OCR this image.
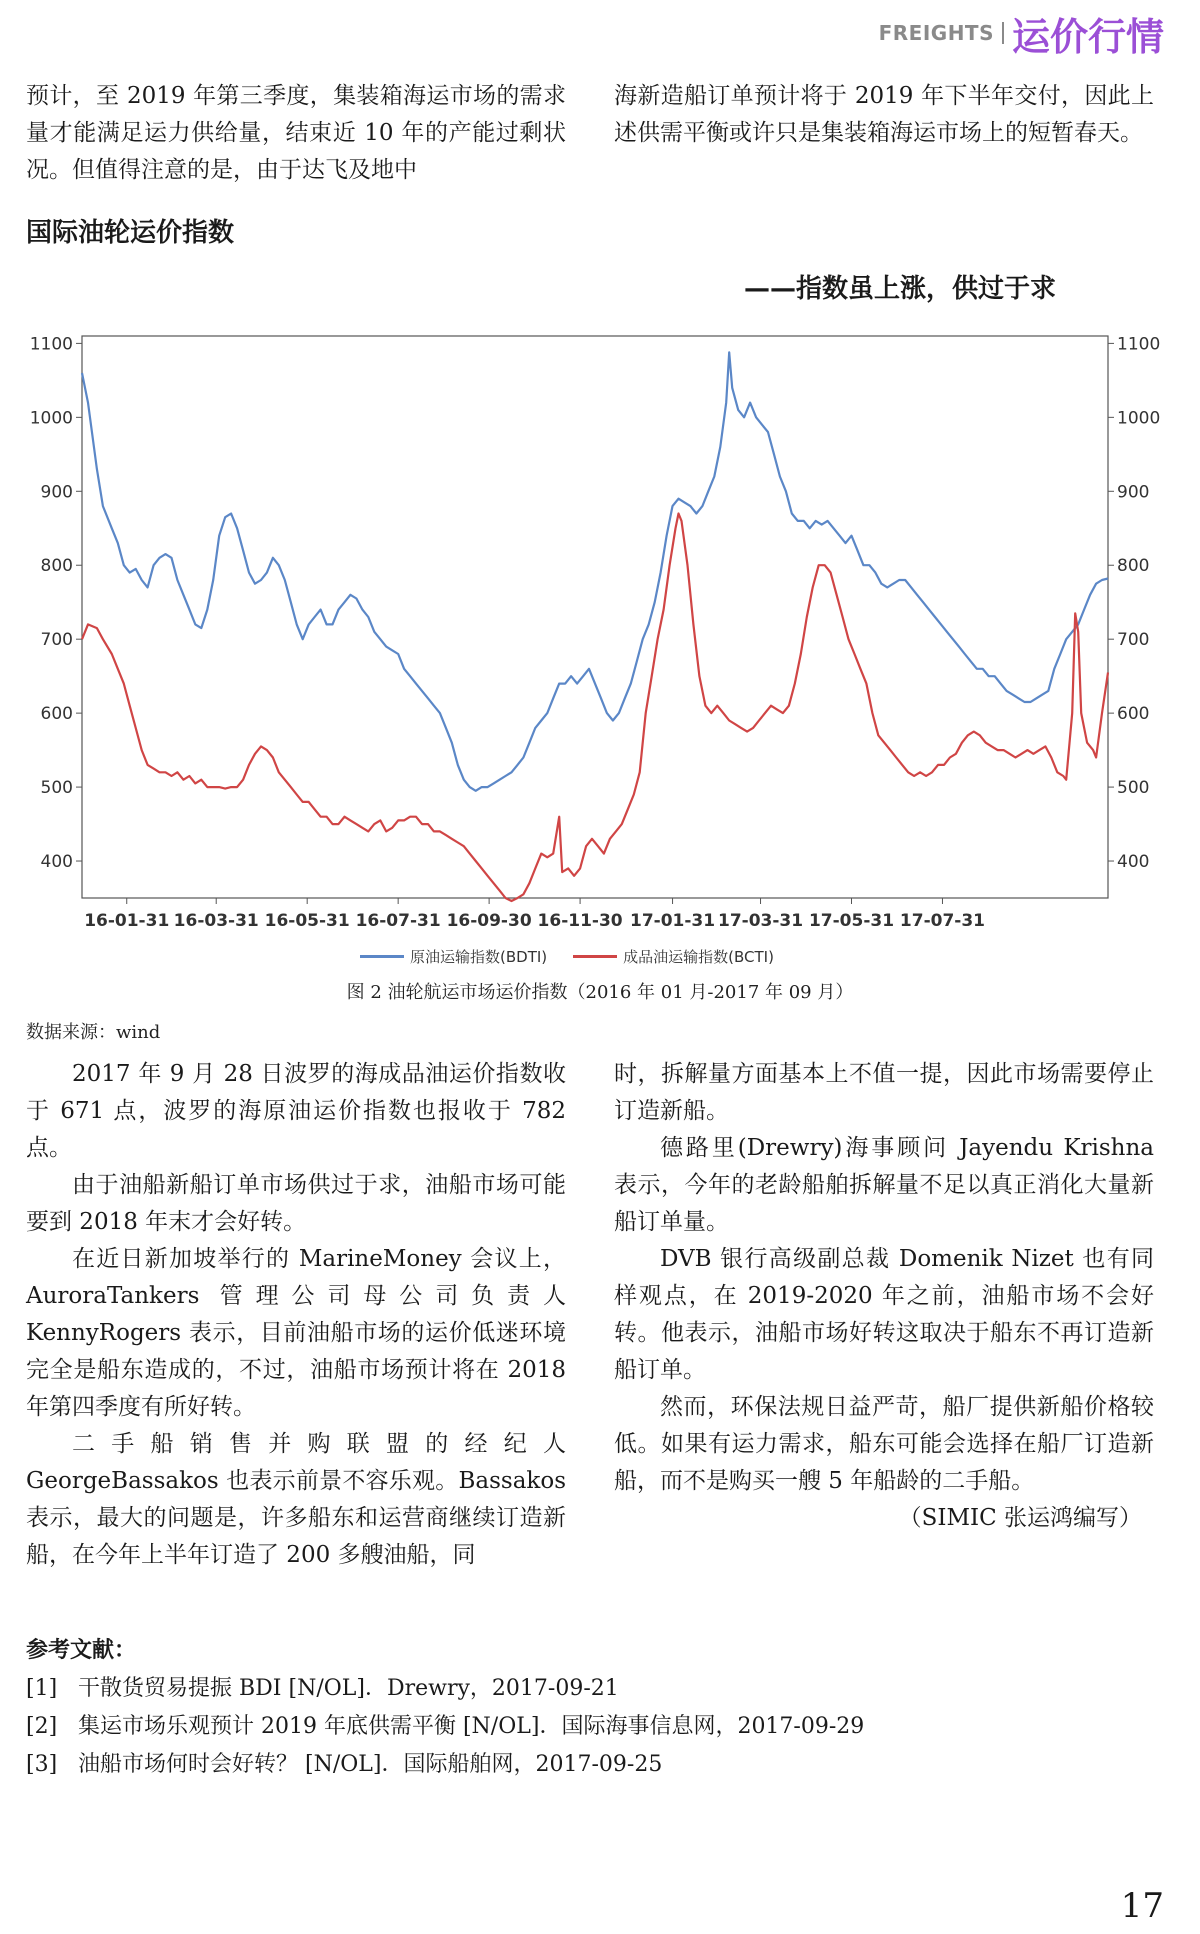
FREIGHTS 运价行情

预计，至 2019 年第三季度，集装箱海运市场的需求量才能满足运力供给量，结束近 10 年的产能过剩状况。但值得注意的是，由于达飞及地中

海新造船订单预计将于 2019 年下半年交付，因此上述供需平衡或许只是集装箱海运市场上的短暂春天。

国际油轮运价指数
——指数虽上涨，供过于求
400	400
500	500
600	600
700	700
800	800
900	900
1000	1000
1100	1100
16-01-31 16-03-31 16-05-31 16-07-31 16-09-30 16-11-30 17-01-31 17-03-31 17-05-31 17-07-31
原油运输指数(BDTI)	成品油运输指数(BCTI)
图 2 油轮航运市场运价指数（2016 年 01 月-2017 年 09 月）
数据来源：wind

2017 年 9 月 28 日波罗的海成品油运价指数收于 671 点，波罗的海原油运价指数也报收于 782 点。

由于油船新船订单市场供过于求，油船市场可能要到 2018 年末才会好转。

在近日新加坡举行的 MarineMoney 会议上，AuroraTankers 管理公司母公司负责人 KennyRogers 表示，目前油船市场的运价低迷环境完全是船东造成的，不过，油船市场预计将在 2018 年第四季度有所好转。

二手船销售并购联盟的经纪人 GeorgeBassakos 也表示前景不容乐观。Bassakos 表示，最大的问题是，许多船东和运营商继续订造新船，在今年上半年订造了 200 多艘油船，同

时，拆解量方面基本上不值一提，因此市场需要停止订造新船。

德路里(Drewry)海事顾问 Jayendu Krishna 表示，今年的老龄船舶拆解量不足以真正消化大量新船订单量。

DVB 银行高级副总裁 Domenik Nizet 也有同样观点，在 2019-2020 年之前，油船市场不会好转。他表示，油船市场好转这取决于船东不再订造新船订单。

然而，环保法规日益严苛，船厂提供新船价格较低。如果有运力需求，船东可能会选择在船厂订造新船，而不是购买一艘 5 年船龄的二手船。

（SIMIC 张运鸿编写）

参考文献：
[1] 干散货贸易提振 BDI [N/OL]．Drewry，2017-09-21
[2] 集运市场乐观预计 2019 年底供需平衡 [N/OL]．国际海事信息网，2017-09-29
[3] 油船市场何时会好转？ [N/OL]．国际船舶网，2017-09-25
17
